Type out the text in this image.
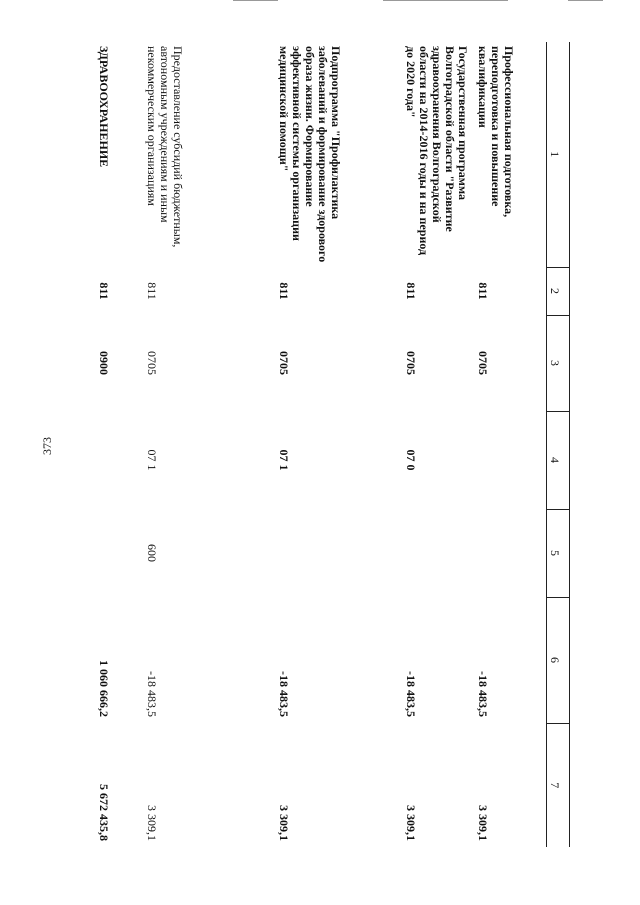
373
1	2	3	4	5	6	7
Профессиональная подготовка, переподготовка и повышение квалификации	811	0705			-18 483,5	3 309,1
Государственная программа Волгоградской области "Развитие здравоохранения Волгоградской области на 2014-2016 годы и на период до 2020 года"	811	0705	07 0		-18 483,5	3 309,1
Подпрограмма "Профилактика заболеваний и формирование здорового образа жизни. Формирование эффективной системы организации медицинской помощи"	811	0705	07 1		-18 483,5	3 309,1
Предоставление субсидий бюджетным, автономным учреждениям и иным некоммерческим организациям	811	0705	07 1	600	-18 483,5	3 309,1
ЗДРАВООХРАНЕНИЕ	811	0900			1 060 666,2	5 672 435,8
